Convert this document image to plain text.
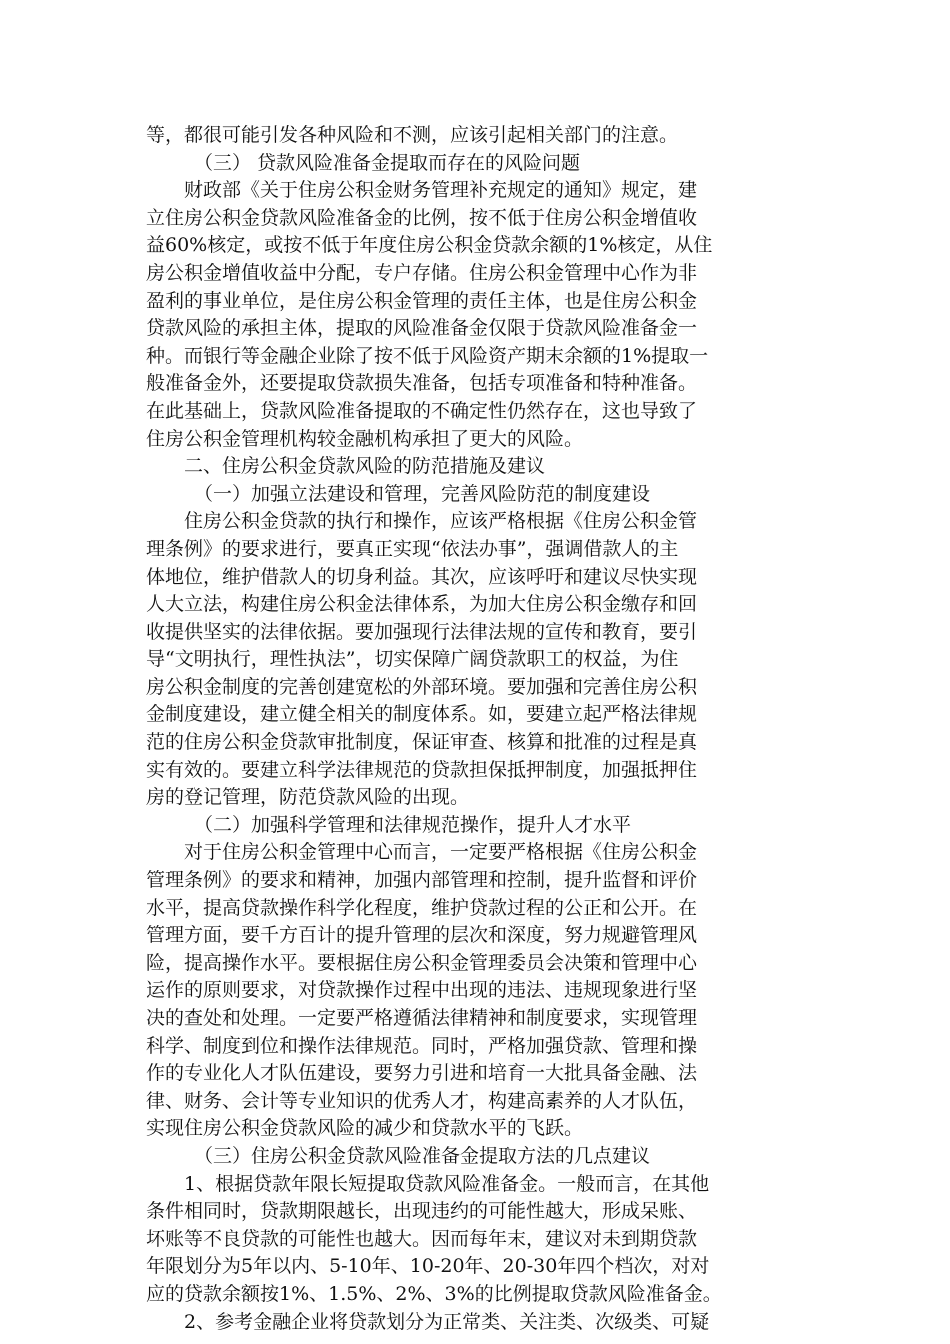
等，都很可能引发各种风险和不测，应该引起相关部门的注意。
（三） 贷款风险准备金提取而存在的风险问题
财政部《关于住房公积金财务管理补充规定的通知》规定，建
立住房公积金贷款风险准备金的比例，按不低于住房公积金增值收
益60%核定，或按不低于年度住房公积金贷款余额的1%核定，从住
房公积金增值收益中分配，专户存储。住房公积金管理中心作为非
盈利的事业单位，是住房公积金管理的责任主体，也是住房公积金
贷款风险的承担主体，提取的风险准备金仅限于贷款风险准备金一
种。而银行等金融企业除了按不低于风险资产期末余额的1%提取一
般准备金外，还要提取贷款损失准备，包括专项准备和特种准备。
在此基础上，贷款风险准备提取的不确定性仍然存在，这也导致了
住房公积金管理机构较金融机构承担了更大的风险。
二、住房公积金贷款风险的防范措施及建议
（一）加强立法建设和管理，完善风险防范的制度建设
住房公积金贷款的执行和操作，应该严格根据《住房公积金管
理条例》的要求进行，要真正实现“依法办事”，强调借款人的主
体地位，维护借款人的切身利益。其次，应该呼吁和建议尽快实现
人大立法，构建住房公积金法律体系，为加大住房公积金缴存和回
收提供坚实的法律依据。要加强现行法律法规的宣传和教育，要引
导“文明执行，理性执法”，切实保障广阔贷款职工的权益，为住
房公积金制度的完善创建宽松的外部环境。要加强和完善住房公积
金制度建设，建立健全相关的制度体系。如，要建立起严格法律规
范的住房公积金贷款审批制度，保证审查、核算和批准的过程是真
实有效的。要建立科学法律规范的贷款担保抵押制度，加强抵押住
房的登记管理，防范贷款风险的出现。
（二）加强科学管理和法律规范操作，提升人才水平
对于住房公积金管理中心而言，一定要严格根据《住房公积金
管理条例》的要求和精神，加强内部管理和控制，提升监督和评价
水平，提高贷款操作科学化程度，维护贷款过程的公正和公开。在
管理方面，要千方百计的提升管理的层次和深度，努力规避管理风
险，提高操作水平。要根据住房公积金管理委员会决策和管理中心
运作的原则要求，对贷款操作过程中出现的违法、违规现象进行坚
决的查处和处理。一定要严格遵循法律精神和制度要求，实现管理
科学、制度到位和操作法律规范。同时，严格加强贷款、管理和操
作的专业化人才队伍建设，要努力引进和培育一大批具备金融、法
律、财务、会计等专业知识的优秀人才，构建高素养的人才队伍，
实现住房公积金贷款风险的减少和贷款水平的飞跃。
（三）住房公积金贷款风险准备金提取方法的几点建议
1、根据贷款年限长短提取贷款风险准备金。一般而言，在其他
条件相同时，贷款期限越长，出现违约的可能性越大，形成呆账、
坏账等不良贷款的可能性也越大。因而每年末，建议对未到期贷款
年限划分为5年以内、5-10年、10-20年、20-30年四个档次，对对
应的贷款余额按1%、1.5%、2%、3%的比例提取贷款风险准备金。
2、参考金融企业将贷款划分为正常类、关注类、次级类、可疑
